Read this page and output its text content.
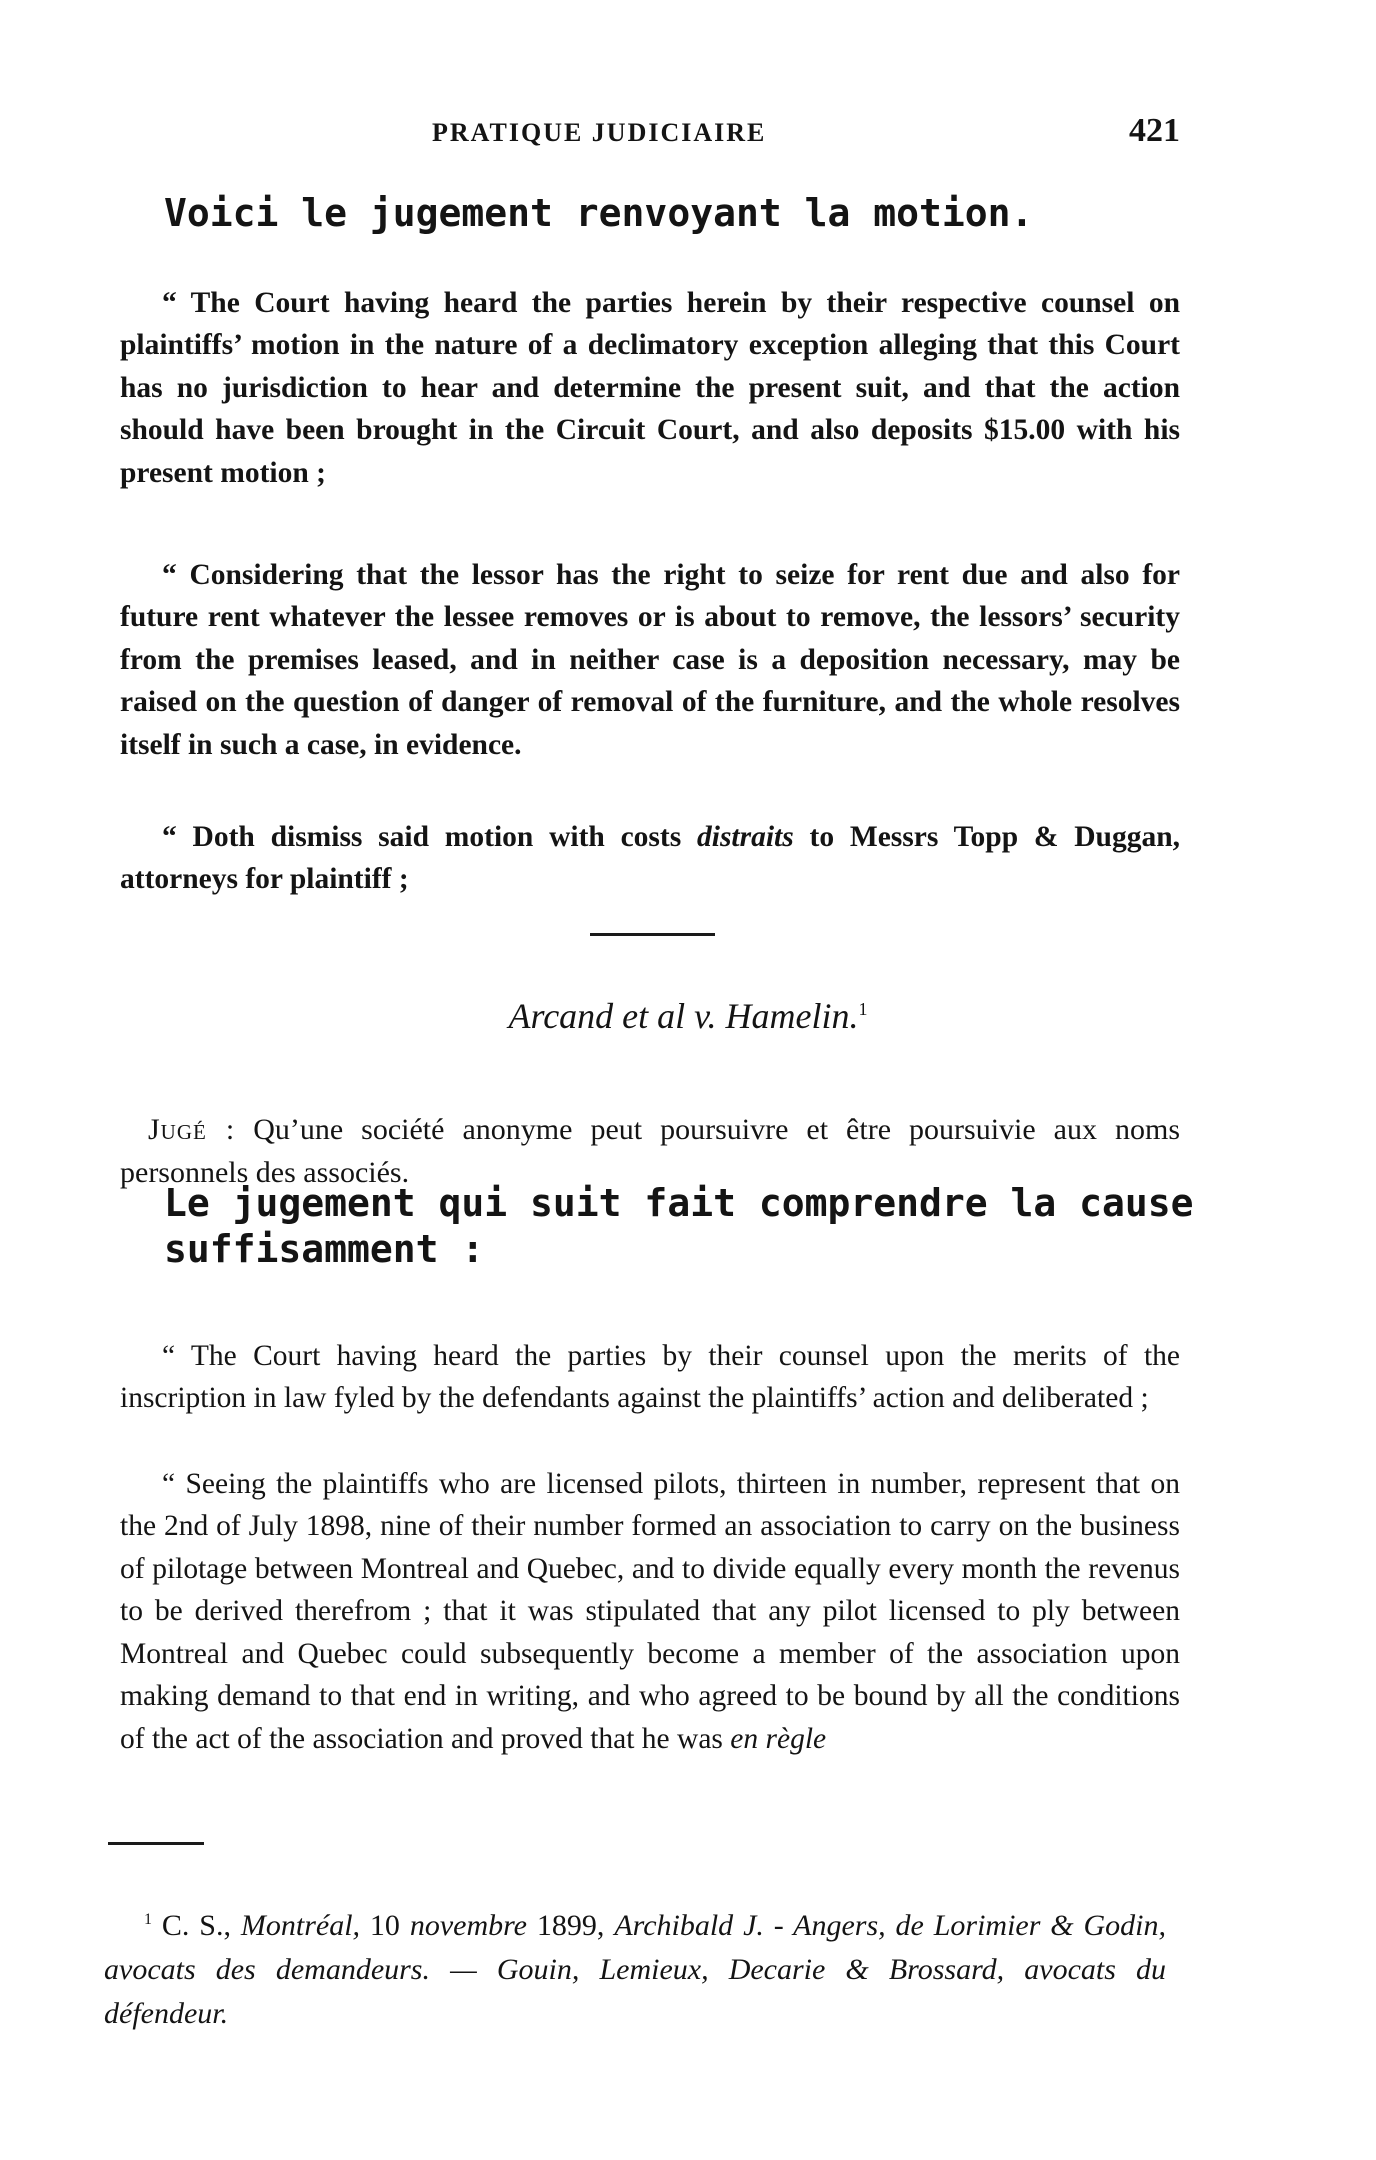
PRATIQUE JUDICIAIRE	421
Voici le jugement renvoyant la motion.

“ The Court having heard the parties herein by their respective counsel on plaintiffs’ motion in the nature of a declimatory exception alleging that this Court has no jurisdiction to hear and determine the present suit, and that the action should have been brought in the Circuit Court, and also deposits $15.00 with his present motion ;

“ Considering that the lessor has the right to seize for rent due and also for future rent whatever the lessee removes or is about to remove, the lessors’ security from the premises leased, and in neither case is a deposition necessary, may be raised on the question of danger of removal of the furniture, and the whole resolves itself in such a case, in evidence.

“ Doth dismiss said motion with costs distraits to Messrs Topp & Duggan, attorneys for plaintiff ;

Arcand et al v. Hamelin.$^1$

Jugé : Qu’une société anonyme peut poursuivre et être poursuivie aux noms personnels des associés.

Le jugement qui suit fait comprendre la cause suffisamment :

“ The Court having heard the parties by their counsel upon the merits of the inscription in law fyled by the defendants against the plaintiffs’ action and deliberated ;

“ Seeing the plaintiffs who are licensed pilots, thirteen in number, represent that on the 2nd of July 1898, nine of their number formed an association to carry on the business of pilotage between Montreal and Quebec, and to divide equally every month the revenus to be derived therefrom ; that it was stipulated that any pilot licensed to ply between Montreal and Quebec could subsequently become a member of the association upon making demand to that end in writing, and who agreed to be bound by all the conditions of the act of the association and proved that he was en règle

$^1$ C. S., Montréal, 10 novembre 1899, Archibald J. - Angers, de Lorimier & Godin, avocats des demandeurs. — Gouin, Lemieux, Decarie & Brossard, avocats du défendeur.
